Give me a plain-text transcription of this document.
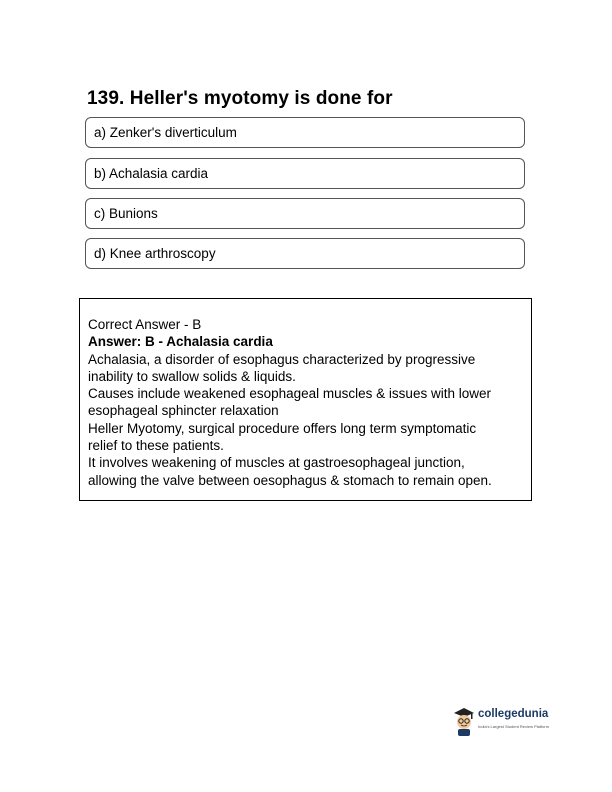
139. Heller's myotomy is done for
a) Zenker's diverticulum
b) Achalasia cardia
c) Bunions
d) Knee arthroscopy
Correct Answer - B
Answer: B - Achalasia cardia
Achalasia, a disorder of esophagus characterized by progressive
inability to swallow solids & liquids.
Causes include weakened esophageal muscles & issues with lower
esophageal sphincter relaxation
Heller Myotomy, surgical procedure offers long term symptomatic
relief to these patients.
It involves weakening of muscles at gastroesophageal junction,
allowing the valve between oesophagus & stomach to remain open.
collegedunia
India's Largest Student Review Platform
